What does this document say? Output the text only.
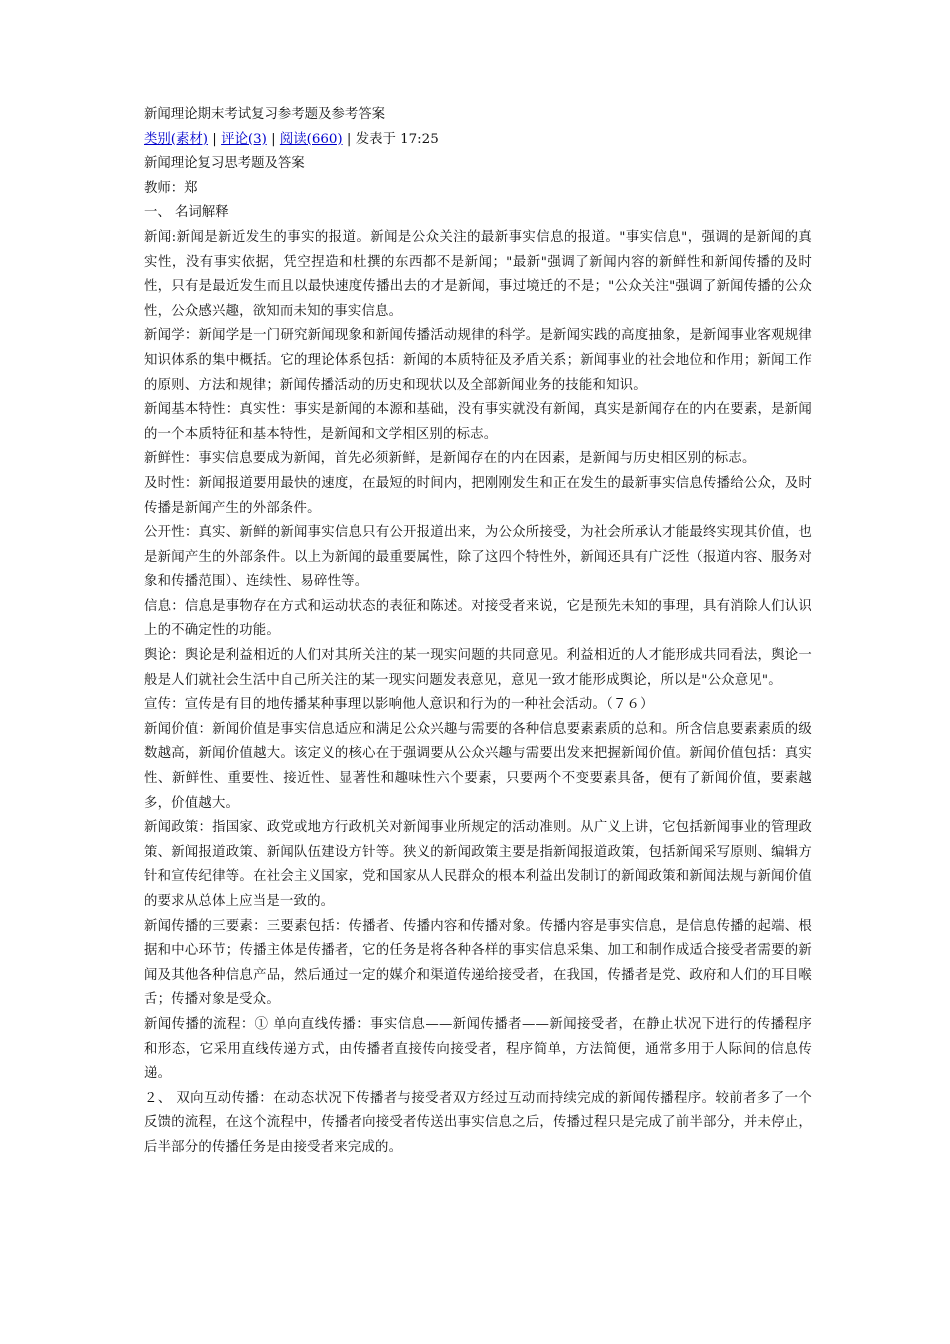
新闻理论期末考试复习参考题及参考答案
类别(素材) | 评论(3) | 阅读(660) | 发表于 17:25
新闻理论复习思考题及答案
教师：郑
一、 名词解释
新闻:新闻是新近发生的事实的报道。新闻是公众关注的最新事实信息的报道。"事实信息"，强调的是新闻的真实性，没有事实依据，凭空捏造和杜撰的东西都不是新闻；"最新"强调了新闻内容的新鲜性和新闻传播的及时性，只有是最近发生而且以最快速度传播出去的才是新闻，事过境迁的不是；"公众关注"强调了新闻传播的公众性，公众感兴趣，欲知而未知的事实信息。
新闻学：新闻学是一门研究新闻现象和新闻传播活动规律的科学。是新闻实践的高度抽象，是新闻事业客观规律知识体系的集中概括。它的理论体系包括：新闻的本质特征及矛盾关系；新闻事业的社会地位和作用；新闻工作的原则、方法和规律；新闻传播活动的历史和现状以及全部新闻业务的技能和知识。
新闻基本特性：真实性：事实是新闻的本源和基础，没有事实就没有新闻，真实是新闻存在的内在要素，是新闻的一个本质特征和基本特性，是新闻和文学相区别的标志。
新鲜性：事实信息要成为新闻，首先必须新鲜，是新闻存在的内在因素，是新闻与历史相区别的标志。
及时性：新闻报道要用最快的速度，在最短的时间内，把刚刚发生和正在发生的最新事实信息传播给公众，及时传播是新闻产生的外部条件。
公开性：真实、新鲜的新闻事实信息只有公开报道出来，为公众所接受，为社会所承认才能最终实现其价值，也是新闻产生的外部条件。以上为新闻的最重要属性，除了这四个特性外，新闻还具有广泛性（报道内容、服务对象和传播范围）、连续性、易碎性等。
信息：信息是事物存在方式和运动状态的表征和陈述。对接受者来说，它是预先未知的事理，具有消除人们认识上的不确定性的功能。
舆论：舆论是利益相近的人们对其所关注的某一现实问题的共同意见。利益相近的人才能形成共同看法，舆论一般是人们就社会生活中自己所关注的某一现实问题发表意见，意见一致才能形成舆论，所以是"公众意见"。
宣传：宣传是有目的地传播某种事理以影响他人意识和行为的一种社会活动。（７６）
新闻价值：新闻价值是事实信息适应和满足公众兴趣与需要的各种信息要素素质的总和。所含信息要素素质的级数越高，新闻价值越大。该定义的核心在于强调要从公众兴趣与需要出发来把握新闻价值。新闻价值包括：真实性、新鲜性、重要性、接近性、显著性和趣味性六个要素，只要两个不变要素具备，便有了新闻价值，要素越多，价值越大。
新闻政策：指国家、政党或地方行政机关对新闻事业所规定的活动准则。从广义上讲，它包括新闻事业的管理政策、新闻报道政策、新闻队伍建设方针等。狭义的新闻政策主要是指新闻报道政策，包括新闻采写原则、编辑方针和宣传纪律等。在社会主义国家，党和国家从人民群众的根本利益出发制订的新闻政策和新闻法规与新闻价值的要求从总体上应当是一致的。
新闻传播的三要素：三要素包括：传播者、传播内容和传播对象。传播内容是事实信息，是信息传播的起端、根据和中心环节；传播主体是传播者，它的任务是将各种各样的事实信息采集、加工和制作成适合接受者需要的新闻及其他各种信息产品，然后通过一定的媒介和渠道传递给接受者，在我国，传播者是党、政府和人们的耳目喉舌；传播对象是受众。
新闻传播的流程：① 单向直线传播：事实信息——新闻传播者——新闻接受者，在静止状况下进行的传播程序和形态，它采用直线传递方式，由传播者直接传向接受者，程序简单，方法简便，通常多用于人际间的信息传递。
２、 双向互动传播：在动态状况下传播者与接受者双方经过互动而持续完成的新闻传播程序。较前者多了一个反馈的流程，在这个流程中，传播者向接受者传送出事实信息之后，传播过程只是完成了前半部分，并未停止，后半部分的传播任务是由接受者来完成的。
